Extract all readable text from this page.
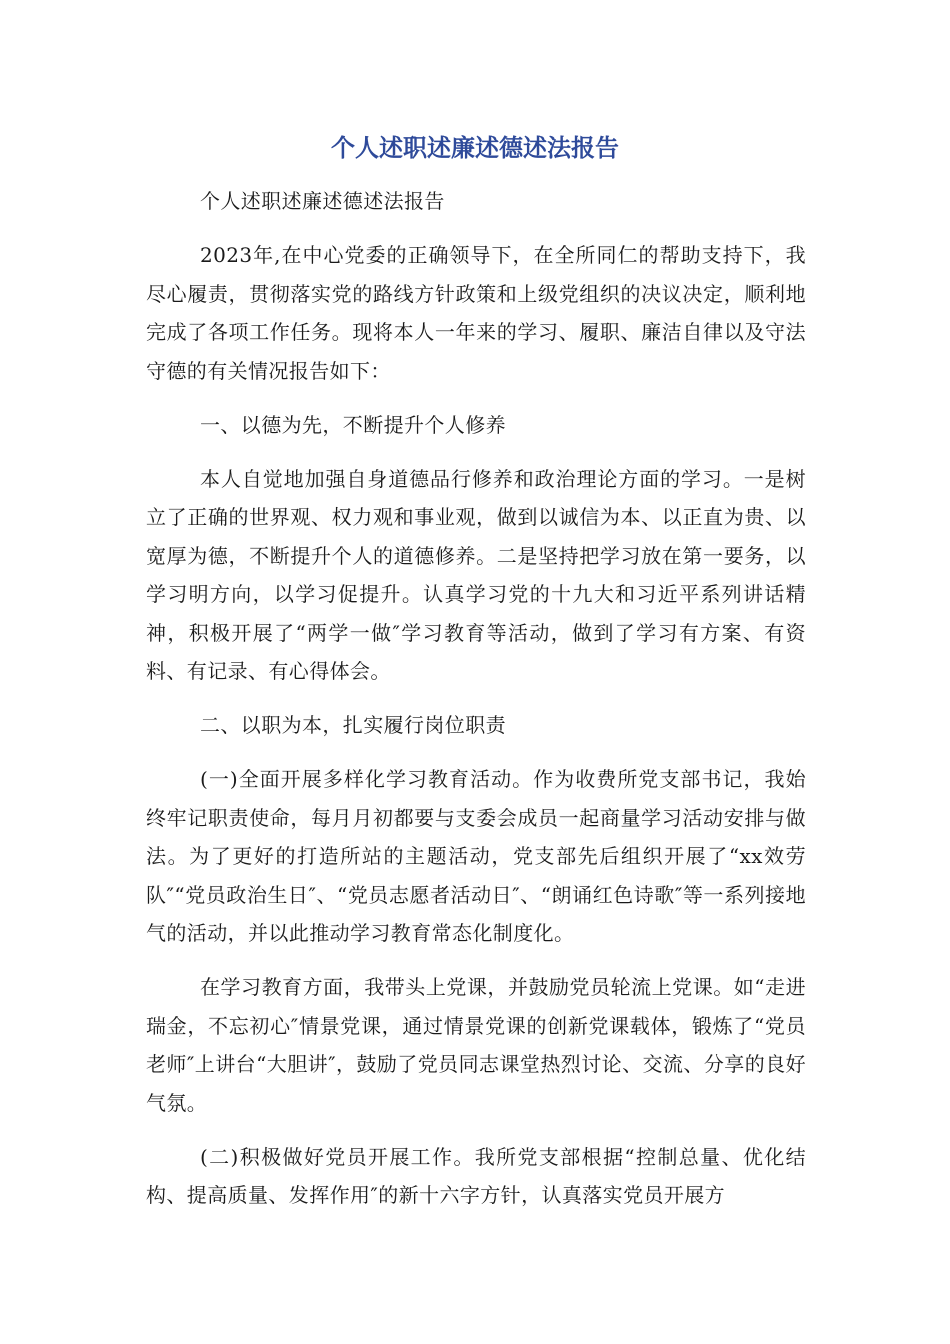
个人述职述廉述德述法报告

个人述职述廉述德述法报告

2023年,在中心党委的正确领导下，在全所同仁的帮助支持下，我尽心履责，贯彻落实党的路线方针政策和上级党组织的决议决定，顺利地完成了各项工作任务。现将本人一年来的学习、履职、廉洁自律以及守法守德的有关情况报告如下：

一、以德为先，不断提升个人修养

本人自觉地加强自身道德品行修养和政治理论方面的学习。一是树立了正确的世界观、权力观和事业观，做到以诚信为本、以正直为贵、以宽厚为德，不断提升个人的道德修养。二是坚持把学习放在第一要务，以学习明方向，以学习促提升。认真学习党的十九大和习近平系列讲话精神，积极开展了“两学一做″学习教育等活动，做到了学习有方案、有资料、有记录、有心得体会。

二、以职为本，扎实履行岗位职责

(一)全面开展多样化学习教育活动。作为收费所党支部书记，我始终牢记职责使命，每月月初都要与支委会成员一起商量学习活动安排与做法。为了更好的打造所站的主题活动，党支部先后组织开展了“xx效劳队″“党员政治生日″、“党员志愿者活动日″、“朗诵红色诗歌″等一系列接地气的活动，并以此推动学习教育常态化制度化。

在学习教育方面，我带头上党课，并鼓励党员轮流上党课。如“走进瑞金，不忘初心″情景党课，通过情景党课的创新党课载体，锻炼了“党员老师″上讲台“大胆讲″，鼓励了党员同志课堂热烈讨论、交流、分享的良好气氛。

(二)积极做好党员开展工作。我所党支部根据“控制总量、优化结构、提高质量、发挥作用″的新十六字方针，认真落实党员开展方
